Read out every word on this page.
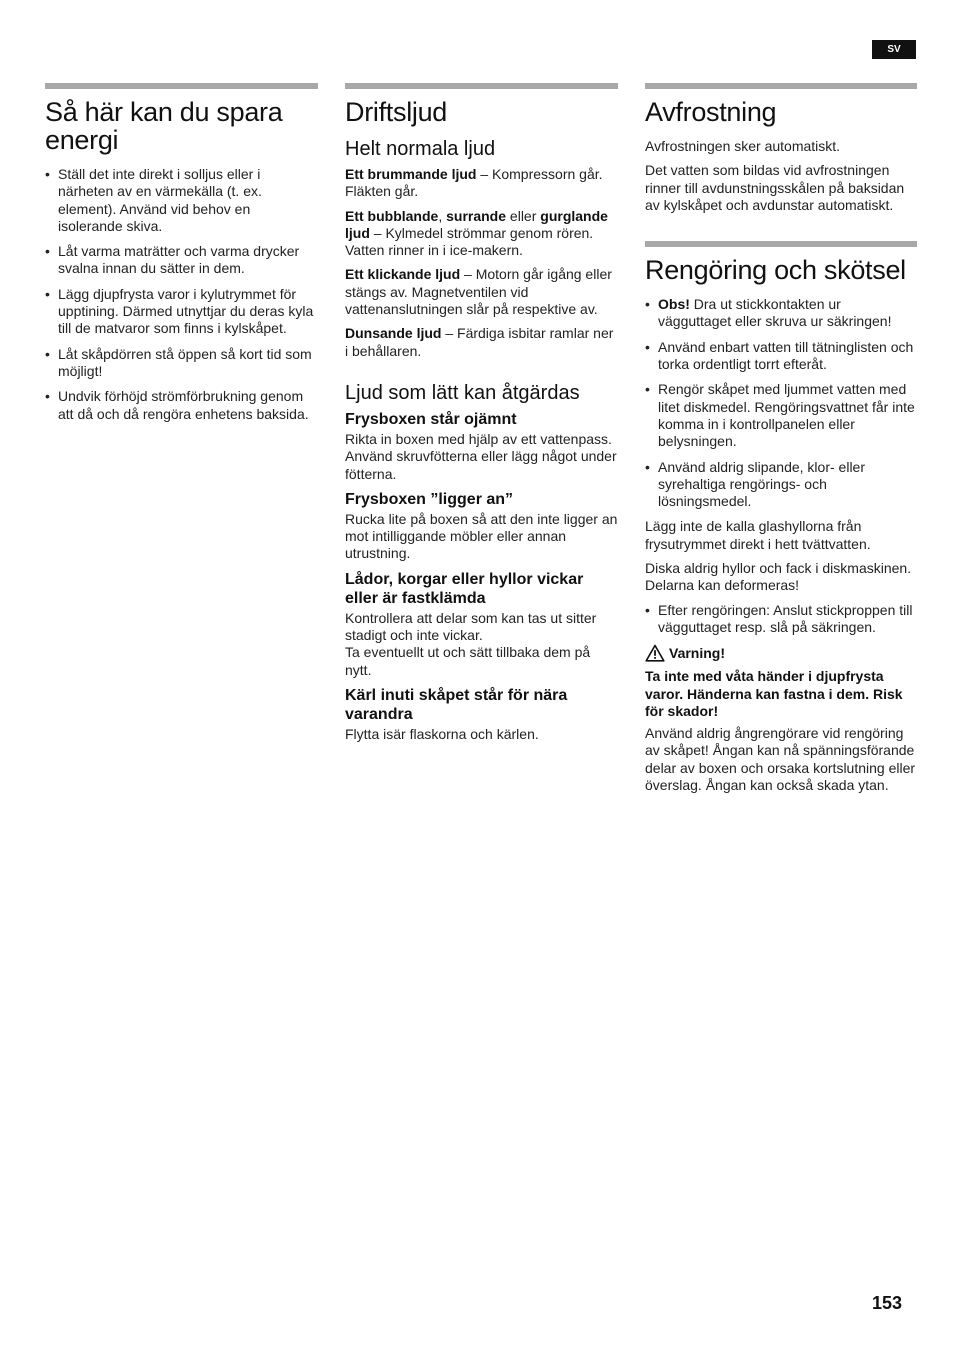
SV
Så här kan du spara energi
• Ställ det inte direkt i solljus eller i närheten av en värmekälla (t. ex. element). Använd vid behov en isolerande skiva.
• Låt varma maträtter och varma drycker svalna innan du sätter in dem.
• Lägg djupfrysta varor i kylutrymmet för upptining. Därmed utnyttjar du deras kyla till de matvaror som finns i kylskåpet.
• Låt skåpdörren stå öppen så kort tid som möjligt!
• Undvik förhöjd strömförbrukning genom att då och då rengöra enhetens baksida.
Driftsljud
Helt normala ljud

Ett brummande ljud – Kompressorn går. Fläkten går.

Ett bubblande, surrande eller gurglande ljud – Kylmedel strömmar genom rören. Vatten rinner in i ice-makern.

Ett klickande ljud – Motorn går igång eller stängs av. Magnetventilen vid vattenanslutningen slår på respektive av.

Dunsande ljud – Färdiga isbitar ramlar ner i behållaren.

Ljud som lätt kan åtgärdas
Frysboxen står ojämnt

Rikta in boxen med hjälp av ett vattenpass. Använd skruvfötterna eller lägg något under fötterna.

Frysboxen ”ligger an”

Rucka lite på boxen så att den inte ligger an mot intilliggande möbler eller annan utrustning.

Lådor, korgar eller hyllor vickar eller är fastklämda

Kontrollera att delar som kan tas ut sitter stadigt och inte vickar.
Ta eventuellt ut och sätt tillbaka dem på nytt.

Kärl inuti skåpet står för nära varandra

Flytta isär flaskorna och kärlen.

Avfrostning

Avfrostningen sker automatiskt.

Det vatten som bildas vid avfrostningen rinner till avdunstningsskålen på baksidan av kylskåpet och avdunstar automatiskt.

Rengöring och skötsel
• Obs! Dra ut stickkontakten ur vägguttaget eller skruva ur säkringen!
• Använd enbart vatten till tätninglisten och torka ordentligt torrt efteråt.
• Rengör skåpet med ljummet vatten med litet diskmedel. Rengöringsvattnet får inte komma in i kontrollpanelen eller belysningen.
• Använd aldrig slipande, klor- eller syrehaltiga rengörings- och lösningsmedel.

Lägg inte de kalla glashyllorna från frysutrymmet direkt i hett tvättvatten.

Diska aldrig hyllor och fack i diskmaskinen. Delarna kan deformeras!

• Efter rengöringen: Anslut stickproppen till vägguttaget resp. slå på säkringen.
Varning!

Ta inte med våta händer i djupfrysta varor. Händerna kan fastna i dem. Risk för skador!

Använd aldrig ångrengörare vid rengöring av skåpet! Ångan kan nå spänningsförande delar av boxen och orsaka kortslutning eller överslag. Ångan kan också skada ytan.

153
